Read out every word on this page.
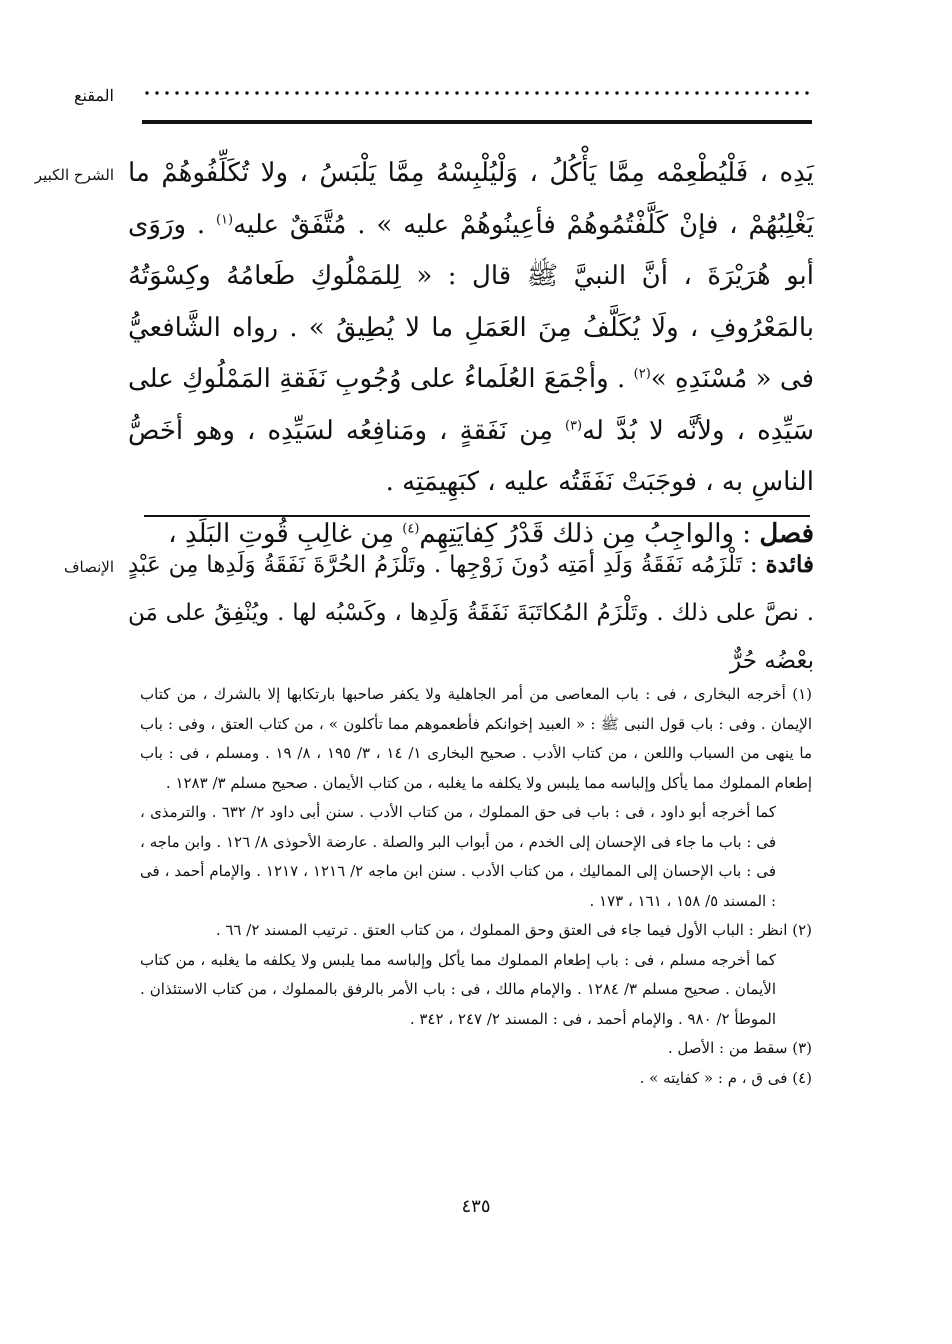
المقنع
الشرح الكبير يَدِه ، فَلْيُطْعِمْه مِمَّا يَأْكُلُ ، وَلْيُلْبِسْهُ مِمَّا يَلْبَسُ ، ولا تُكَلِّفُوهُمْ ما يَغْلِبُهُمْ ، فإنْ كَلَّفْتُمُوهُمْ فأعِينُوهُمْ عليه » . مُتَّفَقٌ عليه$^{(١)}$ . ورَوَى أبو هُرَيْرَةَ ، أنَّ النبيَّ ﷺ قال : « لِلمَمْلُوكِ طَعامُهُ وكِسْوَتُهُ بالمَعْرُوفِ ، ولَا يُكَلَّفُ مِنَ العَمَلِ ما لا يُطِيقُ » . رواه الشَّافعيُّ فى « مُسْنَدِهِ »$^{(٢)}$ . وأجْمَعَ العُلَماءُ على وُجُوبِ نَفَقةِ المَمْلُوكِ على سَيِّدِه ، ولأنَّه لا بُدَّ له$^{(٣)}$ مِن نَفَقةٍ ، ومَنافِعُه لسَيِّدِه ، وهو أخَصُّ الناسِ به ، فوجَبَتْ نَفَقَتُه عليه ، كبَهِيمَتِه .

فصل : والواجِبُ مِن ذلك قَدْرُ كِفايَتِهِم$^{(٤)}$ مِن غالِبِ قُوتِ البَلَدِ ،

الإنصاف	فائدة : تَلْزَمُه نَفَقَةُ وَلَدِ أمَتِه دُونَ زَوْجِها . وتَلْزَمُ الحُرَّةَ نَفَقَةُ وَلَدِها مِن عَبْدٍ . نصَّ على ذلك . وتَلْزَمُ المُكاتَبَةَ نَفَقَةُ وَلَدِها ، وكَسْبُه لها . ويُنْفِقُ على مَن بعْضُه حُرٌّ

(١) أخرجه البخارى ، فى : باب المعاصى من أمر الجاهلية ولا يكفر صاحبها بارتكابها إلا بالشرك ، من كتاب الإيمان . وفى : باب قول النبى ﷺ : « العبيد إخوانكم فأطعموهم مما تأكلون » ، من كتاب العتق ، وفى : باب ما ينهى من السباب واللعن ، من كتاب الأدب . صحيح البخارى ١/ ١٤ ، ٣/ ١٩٥ ، ٨/ ١٩ . ومسلم ، فى : باب إطعام المملوك مما يأكل وإلباسه مما يلبس ولا يكلفه ما يغلبه ، من كتاب الأيمان . صحيح مسلم ٣/ ١٢٨٣ .

كما أخرجه أبو داود ، فى : باب فى حق المملوك ، من كتاب الأدب . سنن أبى داود ٢/ ٦٣٢ . والترمذى ، فى : باب ما جاء فى الإحسان إلى الخدم ، من أبواب البر والصلة . عارضة الأحوذى ٨/ ١٢٦ . وابن ماجه ، فى : باب الإحسان إلى المماليك ، من كتاب الأدب . سنن ابن ماجه ٢/ ١٢١٦ ، ١٢١٧ . والإمام أحمد ، فى : المسند ٥/ ١٥٨ ، ١٦١ ، ١٧٣ .

(٢) انظر : الباب الأول فيما جاء فى العتق وحق المملوك ، من كتاب العتق . ترتيب المسند ٢/ ٦٦ .

كما أخرجه مسلم ، فى : باب إطعام المملوك مما يأكل وإلباسه مما يلبس ولا يكلفه ما يغلبه ، من كتاب الأيمان . صحيح مسلم ٣/ ١٢٨٤ . والإمام مالك ، فى : باب الأمر بالرفق بالمملوك ، من كتاب الاستئذان . الموطأ ٢/ ٩٨٠ . والإمام أحمد ، فى : المسند ٢/ ٢٤٧ ، ٣٤٢ .

(٣) سقط من : الأصل .

(٤) فى ق ، م : « كفايته » .

٤٣٥
